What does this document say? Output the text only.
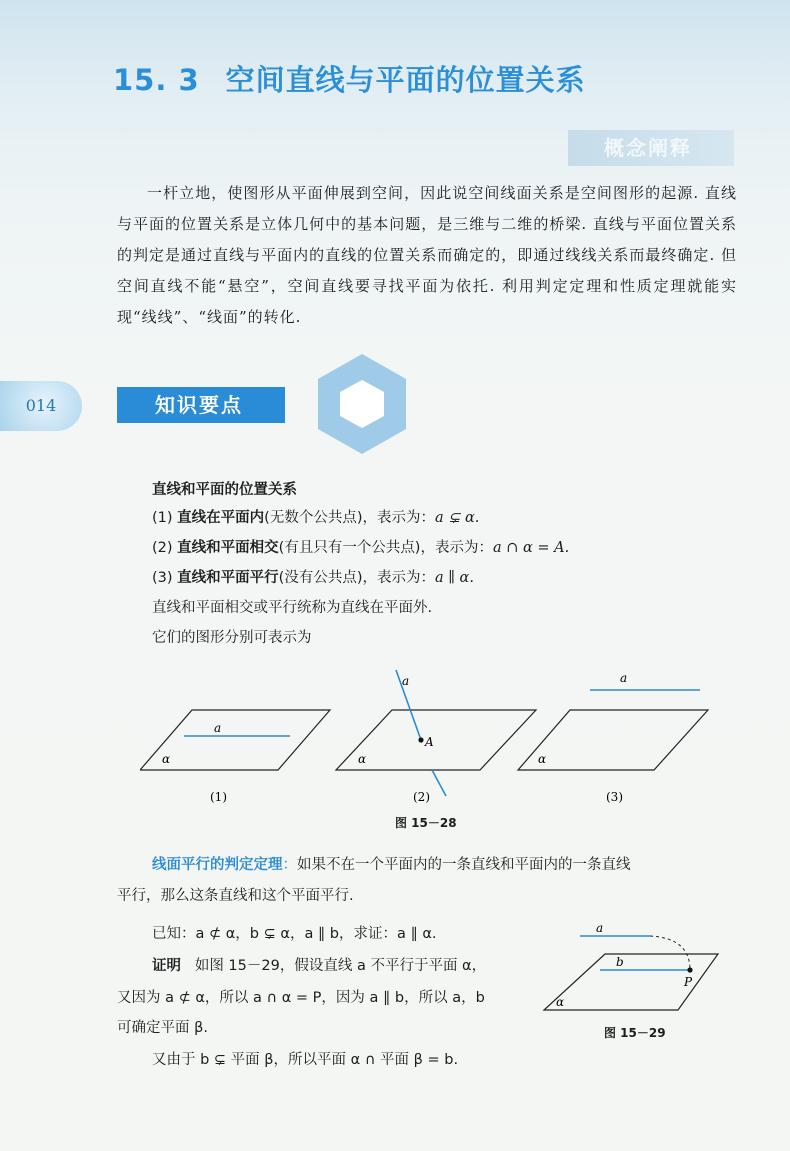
15. 3 空间直线与平面的位置关系
概念阐释
一杆立地，使图形从平面伸展到空间，因此说空间线面关系是空间图形的起源. 直线与平面的位置关系是立体几何中的基本问题，是三维与二维的桥梁. 直线与平面位置关系的判定是通过直线与平面内的直线的位置关系而确定的，即通过线线关系而最终确定. 但空间直线不能“悬空”，空间直线要寻找平面为依托. 利用判定定理和性质定理就能实现“线线”、“线面”的转化.
014	知识要点
直线和平面的位置关系
(1) 直线在平面内(无数个公共点)，表示为：a ⊊ α.
(2) 直线和平面相交(有且只有一个公共点)，表示为：a ∩ α = A.
(3) 直线和平面平行(没有公共点)，表示为：a ∥ α.
直线和平面相交或平行统称为直线在平面外.
它们的图形分别可表示为
a
α
(1)
a
A
α
(2)
a
α
(3)
图 15－28
线面平行的判定定理：如果不在一个平面内的一条直线和平面内的一条直线
平行，那么这条直线和这个平面平行.
已知：a ⊄ α，b ⊊ α，a ∥ b，求证：a ∥ α.
证明 如图 15－29，假设直线 a 不平行于平面 α，
又因为 a ⊄ α，所以 a ∩ α = P，因为 a ∥ b，所以 a，b
可确定平面 β.
又由于 b ⊊ 平面 β，所以平面 α ∩ 平面 β = b.
a
b
P
α
图 15－29
